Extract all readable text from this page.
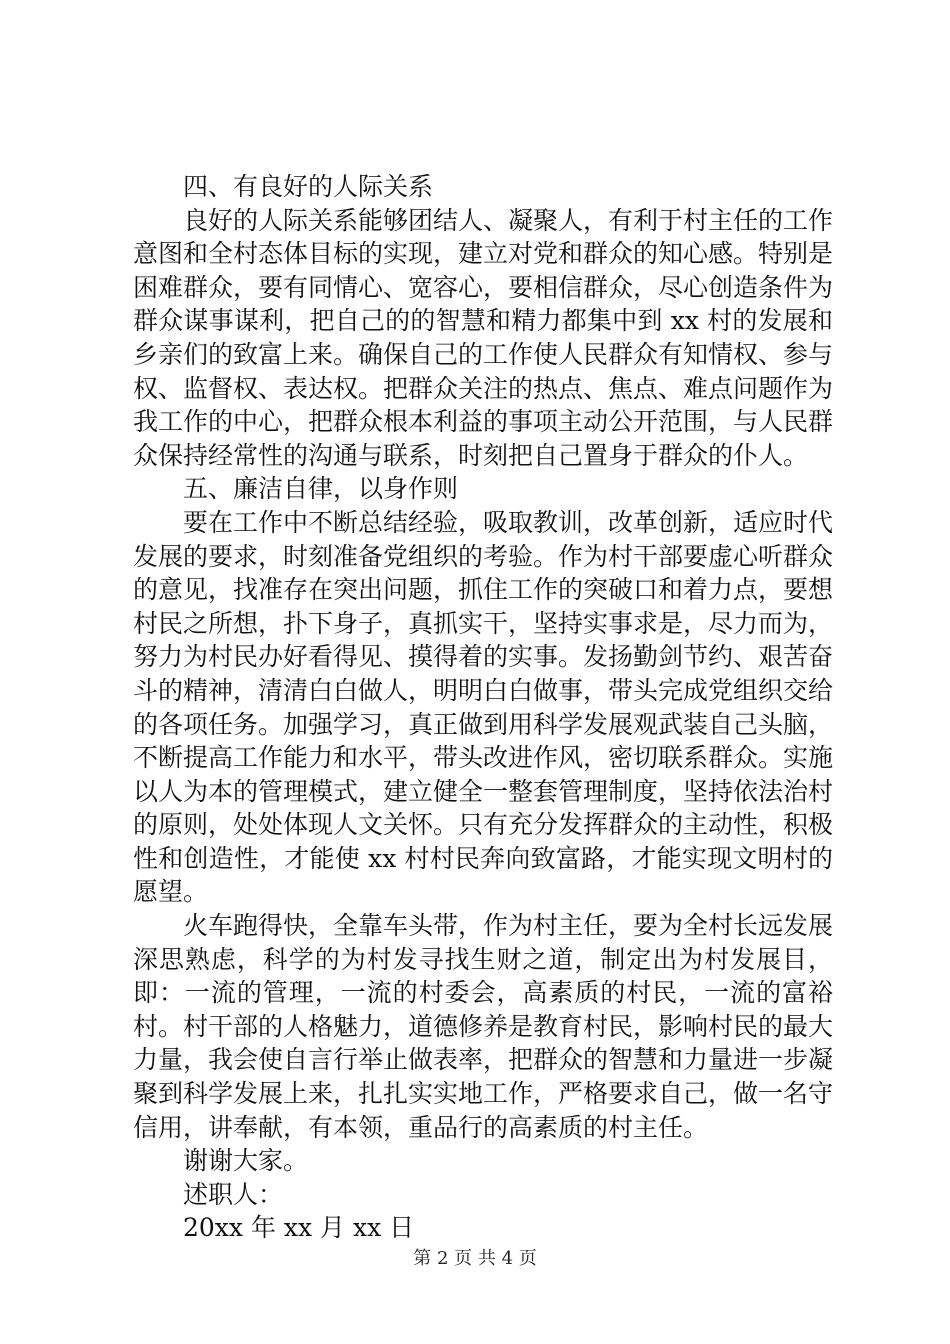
四、有良好的人际关系

良好的人际关系能够团结人、凝聚人，有利于村主任的工作意图和全村态体目标的实现，建立对党和群众的知心感。特别是困难群众，要有同情心、宽容心，要相信群众，尽心创造条件为群众谋事谋利，把自己的的智慧和精力都集中到 xx 村的发展和乡亲们的致富上来。确保自己的工作使人民群众有知情权、参与权、监督权、表达权。把群众关注的热点、焦点、难点问题作为我工作的中心，把群众根本利益的事项主动公开范围，与人民群众保持经常性的沟通与联系，时刻把自己置身于群众的仆人。

五、廉洁自律，以身作则

要在工作中不断总结经验，吸取教训，改革创新，适应时代发展的要求，时刻准备党组织的考验。作为村干部要虚心听群众的意见，找准存在突出问题，抓住工作的突破口和着力点，要想村民之所想，扑下身子，真抓实干，坚持实事求是，尽力而为，努力为村民办好看得见、摸得着的实事。发扬勤剑节约、艰苦奋斗的精神，清清白白做人，明明白白做事，带头完成党组织交给的各项任务。加强学习，真正做到用科学发展观武装自己头脑，不断提高工作能力和水平，带头改进作风，密切联系群众。实施以人为本的管理模式，建立健全一整套管理制度，坚持依法治村的原则，处处体现人文关怀。只有充分发挥群众的主动性，积极性和创造性，才能使 xx 村村民奔向致富路，才能实现文明村的愿望。

火车跑得快，全靠车头带，作为村主任，要为全村长远发展深思熟虑，科学的为村发寻找生财之道，制定出为村发展目，即：一流的管理，一流的村委会，高素质的村民，一流的富裕村。村干部的人格魅力，道德修养是教育村民，影响村民的最大力量，我会使自言行举止做表率，把群众的智慧和力量进一步凝聚到科学发展上来，扎扎实实地工作，严格要求自己，做一名守信用，讲奉献，有本领，重品行的高素质的村主任。

谢谢大家。

述职人：

20xx 年 xx 月 xx 日

第 2 页 共 4 页
